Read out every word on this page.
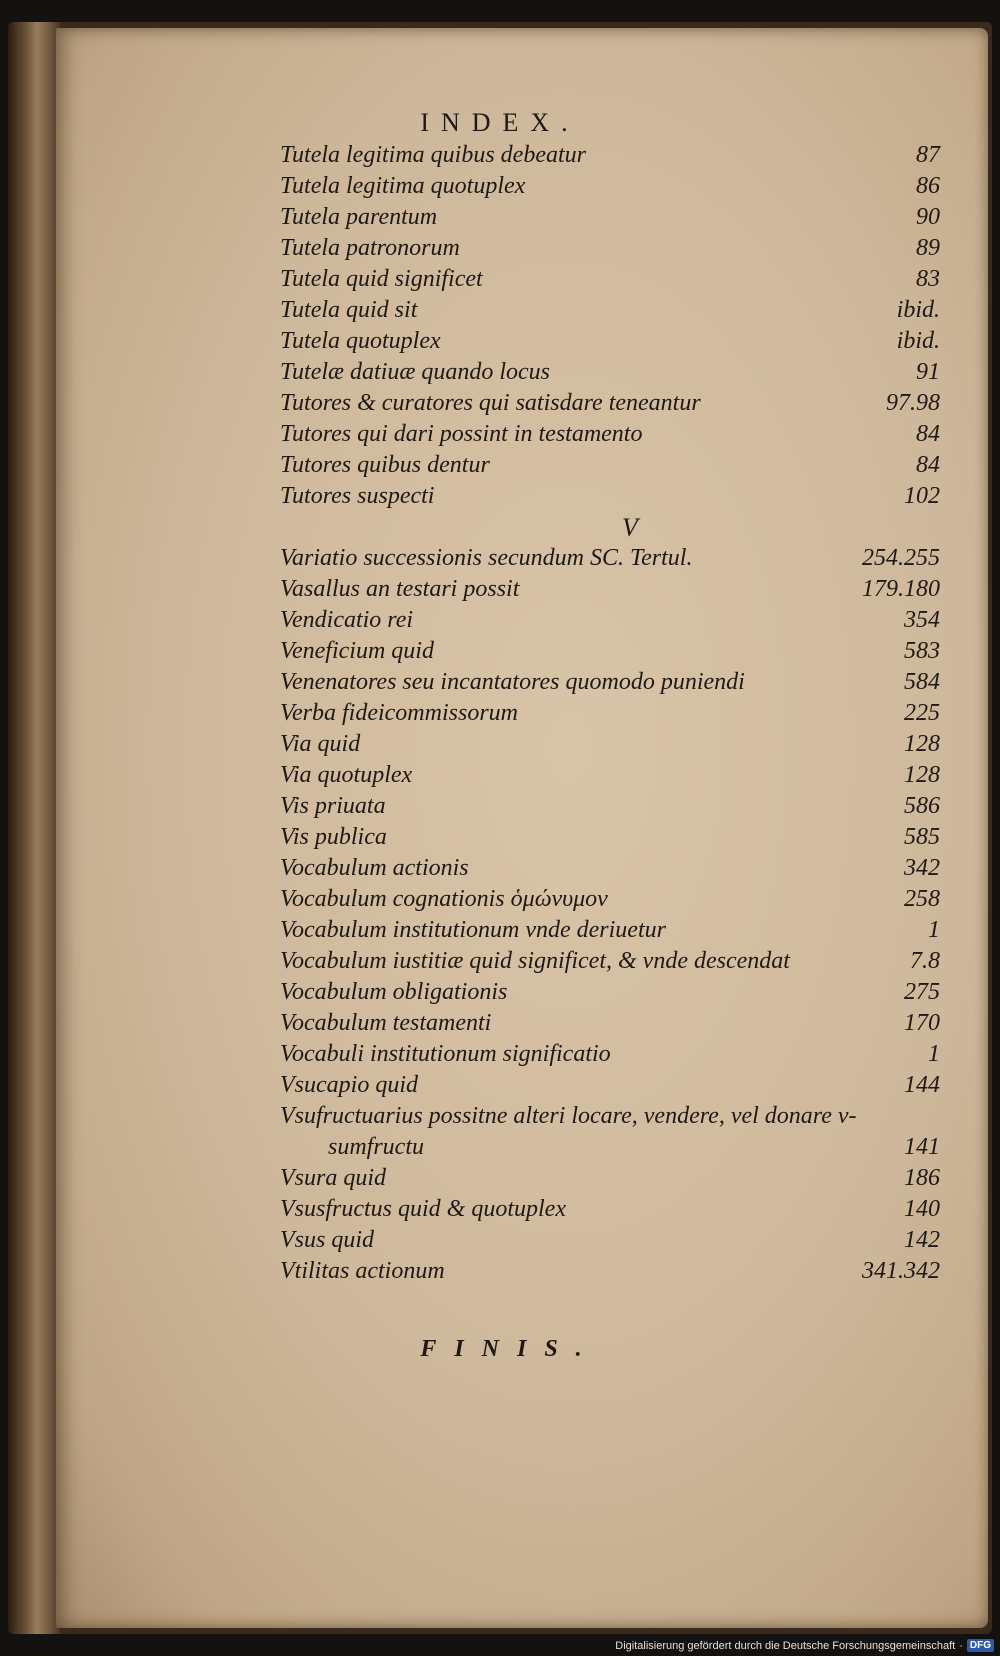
INDEX.
Tutela legitima quibus debeatur	87
Tutela legitima quotuplex	86
Tutela parentum	90
Tutela patronorum	89
Tutela quid significet	83
Tutela quid sit	ibid.
Tutela quotuplex	ibid.
Tutelæ datiuæ quando locus	91
Tutores & curatores qui satisdare teneantur	97.98
Tutores qui dari possint in testamento	84
Tutores quibus dentur	84
Tutores suspecti	102
V
Variatio successionis secundum SC. Tertul.	254.255
Vasallus an testari possit	179.180
Vendicatio rei	354
Veneficium quid	583
Venenatores seu incantatores quomodo puniendi	584
Verba fideicommissorum	225
Via quid	128
Via quotuplex	128
Vis priuata	586
Vis publica	585
Vocabulum actionis	342
Vocabulum cognationis ὁμώνυμον	258
Vocabulum institutionum vnde deriuetur	1
Vocabulum iustitiæ quid significet, & vnde descendat	7.8
Vocabulum obligationis	275
Vocabulum testamenti	170
Vocabuli institutionum significatio	1
Vsucapio quid	144
Vsufructuarius possitne alteri locare, vendere, vel donare v-
sumfructu	141
Vsura quid	186
Vsusfructus quid & quotuplex	140
Vsus quid	142
Vtilitas actionum	341.342
FINIS.
Digitalisierung gefördert durch die Deutsche Forschungsgemeinschaft · DFG
